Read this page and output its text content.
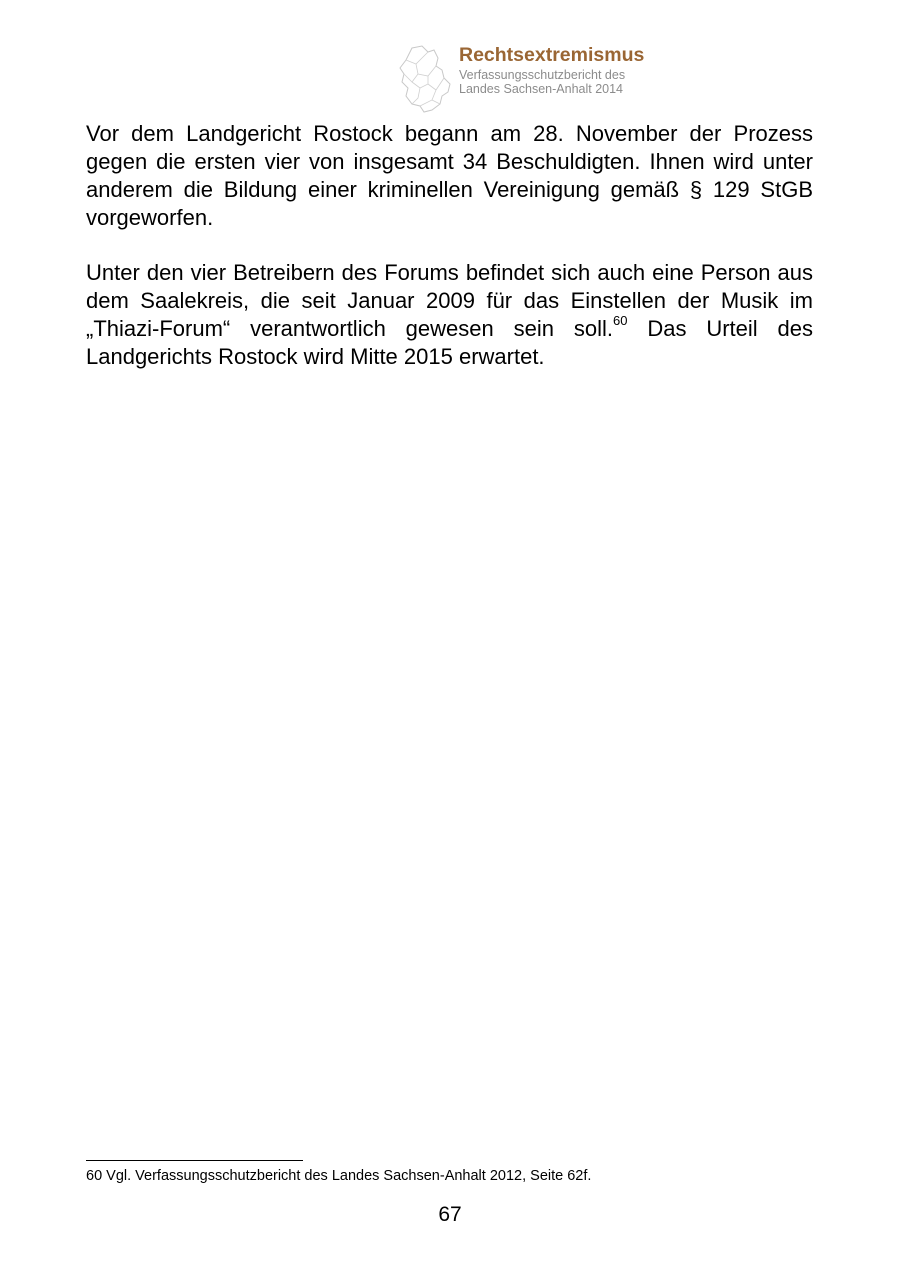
Rechtsextremismus
Verfassungsschutzbericht des
Landes Sachsen-Anhalt 2014
Vor dem Landgericht Rostock begann am 28. November der Prozess gegen die ersten vier von insgesamt 34 Beschuldigten. Ihnen wird unter anderem die Bildung einer kriminellen Vereinigung gemäß § 129 StGB vorgeworfen.
Unter den vier Betreibern des Forums befindet sich auch eine Person aus dem Saalekreis, die seit Januar 2009 für das Einstellen der Musik im „Thiazi-Forum“ verantwortlich gewesen sein soll.$^{60}$ Das Urteil des Landgerichts Rostock wird Mitte 2015 erwartet.
60 Vgl. Verfassungsschutzbericht des Landes Sachsen-Anhalt 2012, Seite 62f.
67
